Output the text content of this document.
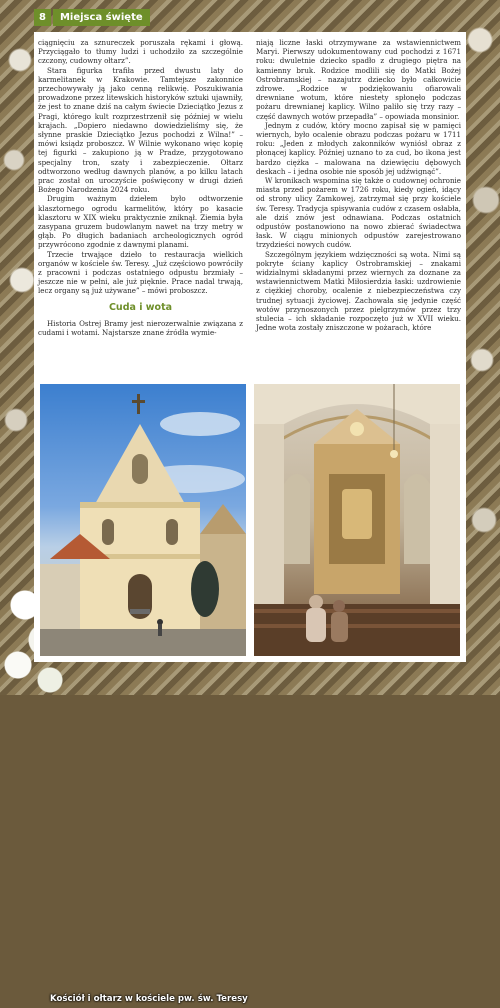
8	Miejsca święte

ciągnięciu za sznureczek poruszała rękami i głową. Przyciągało to tłumy ludzi i uchodziło za szczególnie czczony, cudowny ołtarz”.

Stara figurka trafiła przed dwustu laty do karmelitanek w Krakowie. Tamtejsze zakonnice przechowywały ją jako cenną relikwię. Poszukiwania prowadzone przez litewskich historyków sztuki ujawniły, że jest to znane dziś na całym świecie Dzieciątko Jezus z Pragi, którego kult rozprzestrzenił się później w wielu krajach. „Dopiero niedawno dowiedzieliśmy się, że słynne praskie Dzieciątko Jezus pochodzi z Wilna!” – mówi ksiądz proboszcz. W Wilnie wykonano więc kopię tej figurki – zakupiono ją w Pradze, przygotowano specjalny tron, szaty i zabezpieczenie. Ołtarz odtworzono według dawnych planów, a po kilku latach prac został on uroczyście poświęcony w drugi dzień Bożego Narodzenia 2024 roku.

Drugim ważnym dziełem było odtworzenie klasztornego ogrodu karmelitów, który po kasacie klasztoru w XIX wieku praktycznie zniknął. Ziemia była zasypana gruzem budowlanym nawet na trzy metry w głąb. Po długich badaniach archeologicznych ogród przywrócono zgodnie z dawnymi planami.

Trzecie trwające dzieło to restauracja wielkich organów w kościele św. Teresy. „Już częściowo powróciły z pracowni i podczas ostatniego odpustu brzmiały – jeszcze nie w pełni, ale już pięknie. Prace nadal trwają, lecz organy są już używane” – mówi proboszcz.

Cuda i wota

Historia Ostrej Bramy jest nierozerwalnie związana z cudami i wotami. Najstarsze znane źródła wymie-

niają liczne łaski otrzymywane za wstawiennictwem Maryi. Pierwszy udokumentowany cud pochodzi z 1671 roku: dwuletnie dziecko spadło z drugiego piętra na kamienny bruk. Rodzice modlili się do Matki Bożej Ostrobramskiej – nazajutrz dziecko było całkowicie zdrowe. „Rodzice w podziękowaniu ofiarowali drewniane wotum, które niestety spłonęło podczas pożaru drewnianej kaplicy. Wilno paliło się trzy razy – część dawnych wotów przepadła” – opowiada monsinior.

Jednym z cudów, który mocno zapisał się w pamięci wiernych, było ocalenie obrazu podczas pożaru w 1711 roku: „Jeden z młodych zakonników wyniósł obraz z płonącej kaplicy. Później uznano to za cud, bo ikona jest bardzo ciężka – malowana na dziewięciu dębowych deskach – i jedna osobie nie sposób jej udźwignąć”.

W kronikach wspomina się także o cudownej ochronie miasta przed pożarem w 1726 roku, kiedy ogień, idący od strony ulicy Zamkowej, zatrzymał się przy kościele św. Teresy. Tradycja spisywania cudów z czasem osłabła, ale dziś znów jest odnawiana. Podczas ostatnich odpustów postanowiono na nowo zbierać świadectwa łask. W ciągu minionych odpustów zarejestrowano trzydzieści nowych cudów.

Szczególnym językiem wdzięczności są wota. Nimi są pokryte ściany kaplicy Ostrobramskiej – znakami widzialnymi składanymi przez wiernych za doznane za wstawiennictwem Matki Miłosierdzia łaski: uzdrowienie z ciężkiej choroby, ocalenie z niebezpieczeństwa czy trudnej sytuacji życiowej. Zachowała się jedynie część wotów przynoszonych przez pielgrzymów przez trzy stulecia – ich składanie rozpoczęto już w XVII wieku. Jedne wota zostały zniszczone w pożarach, które

Kościół i ołtarz w kościele pw. św. Teresy
